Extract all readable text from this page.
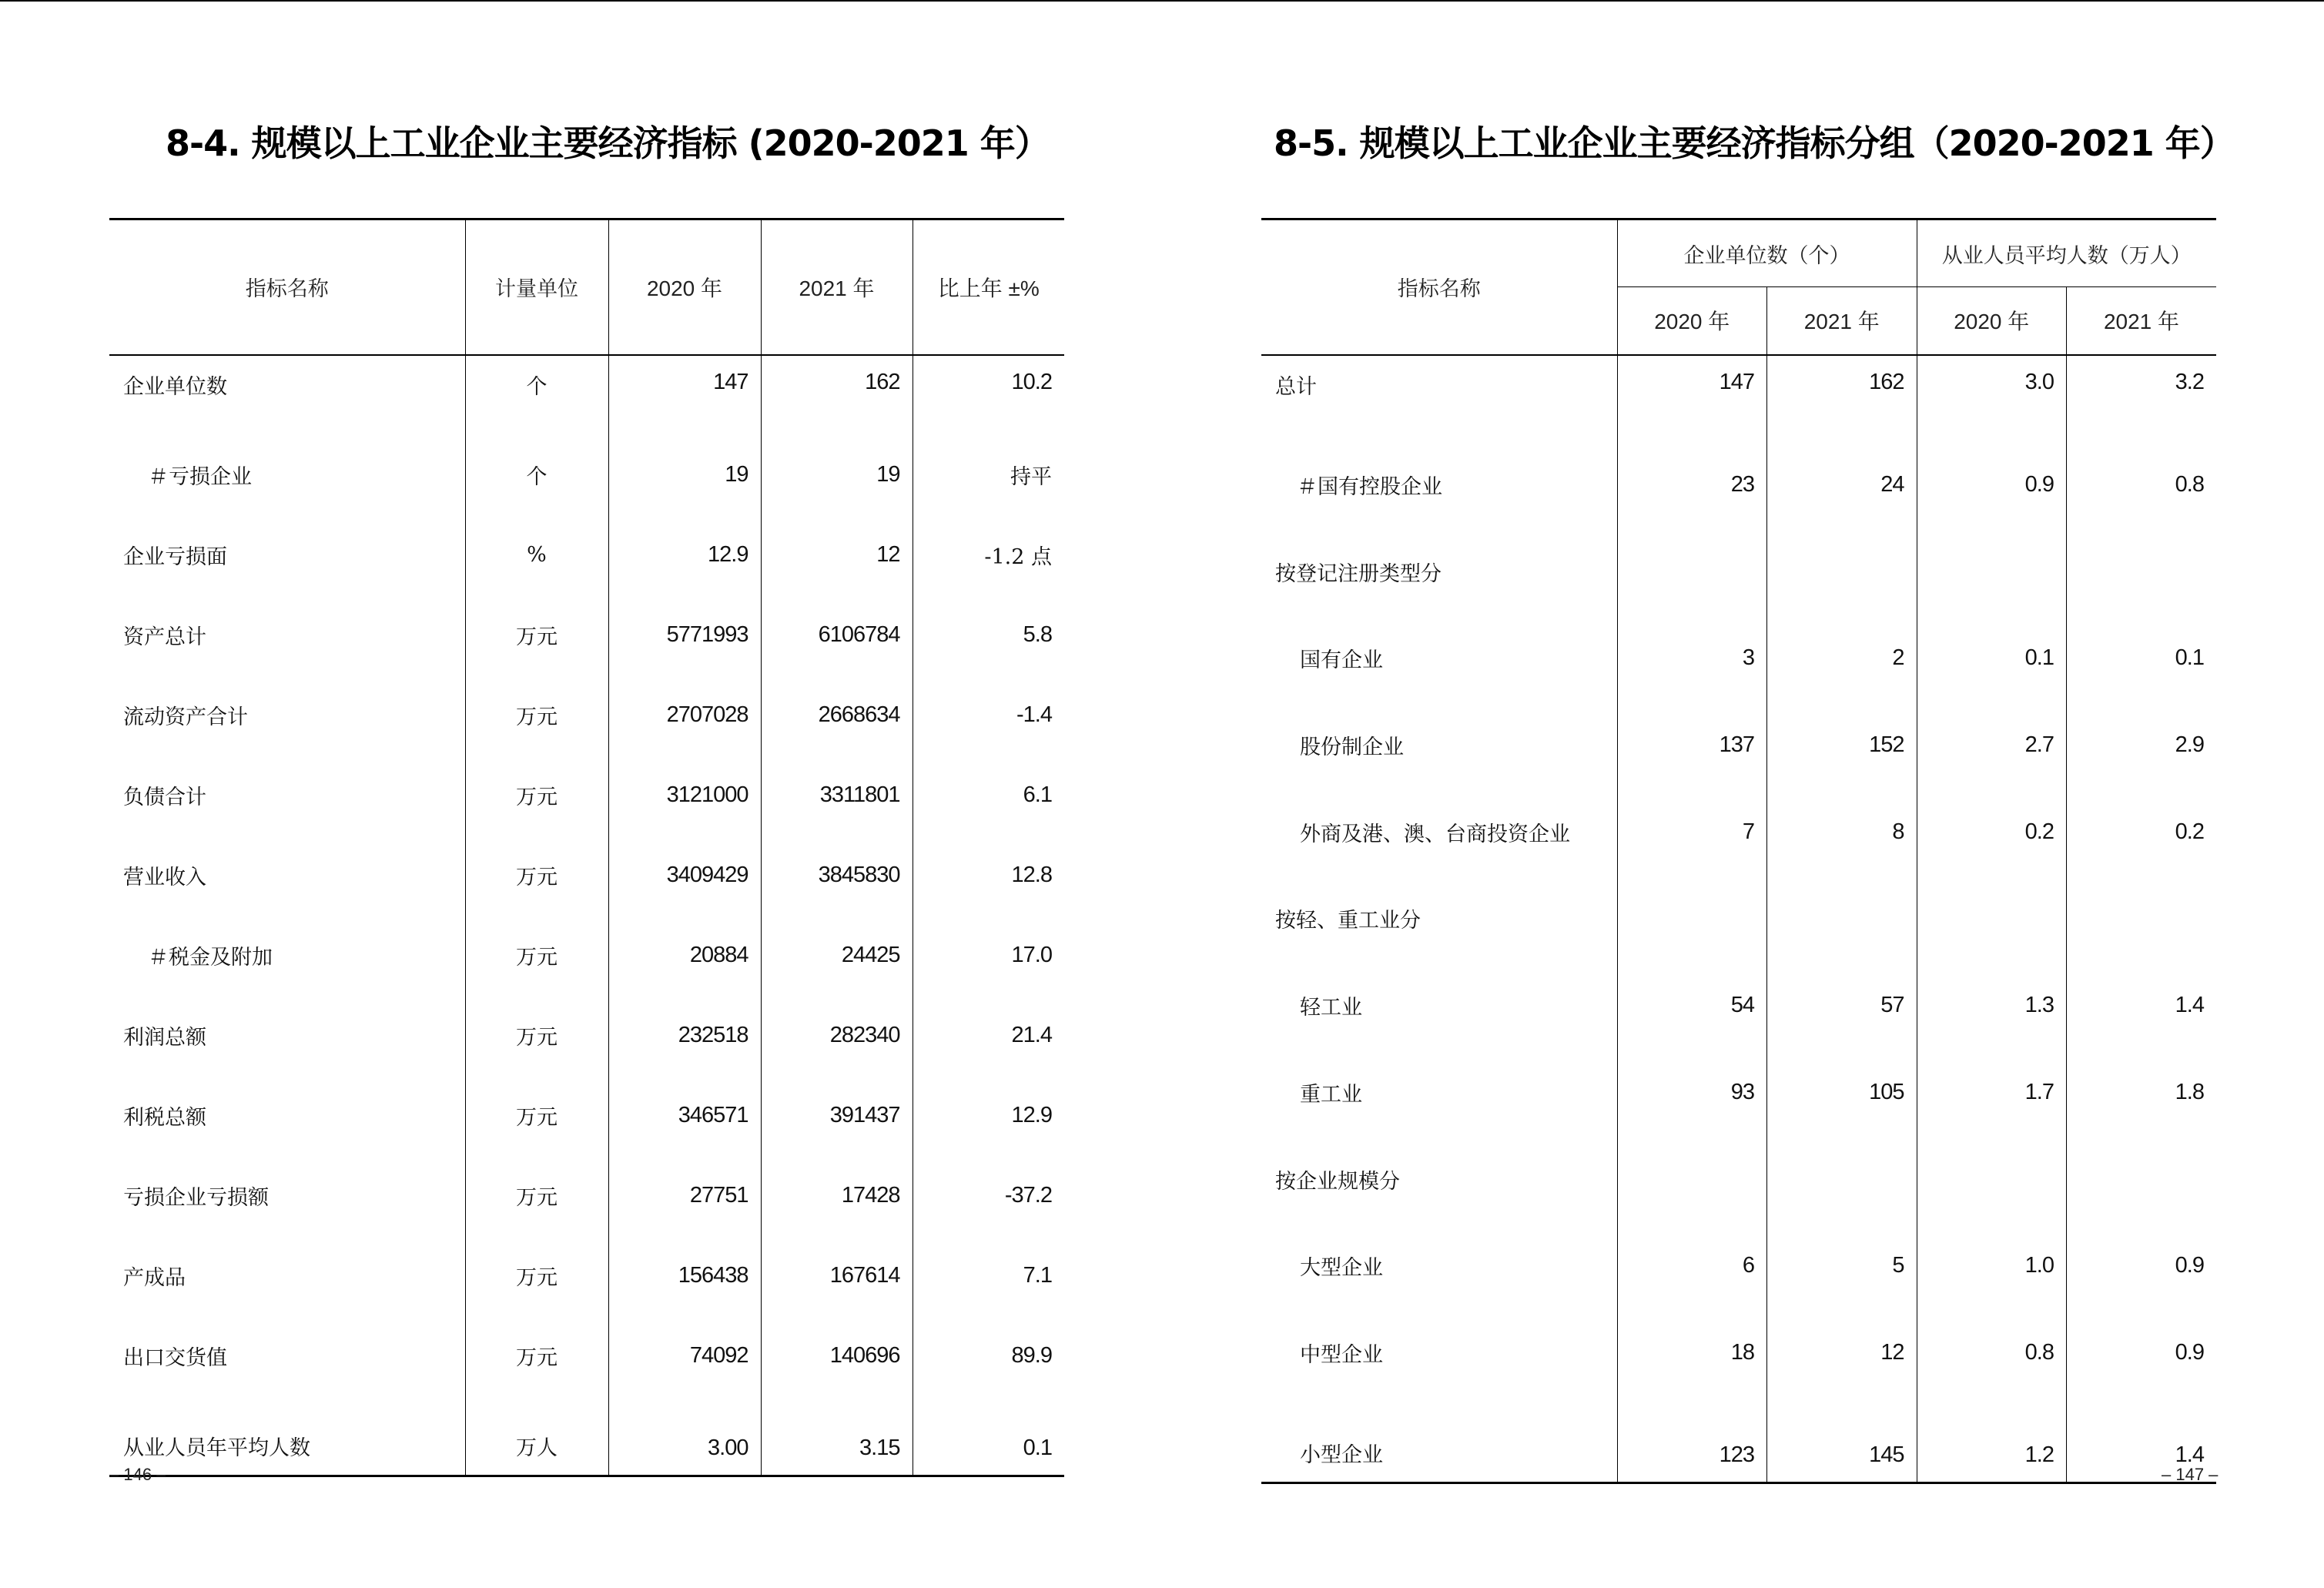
8-4. 规模以上工业企业主要经济指标 (2020-2021 年）
指标名称	计量单位	2020 年	2021 年	比上年 ±%
企业单位数	个	147	162	10.2
＃亏损企业	个	19	19	持平
企业亏损面	%	12.9	12	-1.2 点
资产总计	万元	5771993	6106784	5.8
流动资产合计	万元	2707028	2668634	-1.4
负债合计	万元	3121000	3311801	6.1
营业收入	万元	3409429	3845830	12.8
＃税金及附加	万元	20884	24425	17.0
利润总额	万元	232518	282340	21.4
利税总额	万元	346571	391437	12.9
亏损企业亏损额	万元	27751	17428	-37.2
产成品	万元	156438	167614	7.1
出口交货值	万元	74092	140696	89.9
从业人员年平均人数	万人	3.00	3.15	0.1
– 146 –
8-5. 规模以上工业企业主要经济指标分组（2020-2021 年）
指标名称	企业单位数（个）		从业人员平均人数（万人）	
	2020 年	2021 年	2020 年	2021 年
总计	147	162	3.0	3.2
＃国有控股企业	23	24	0.9	0.8
按登记注册类型分				
国有企业	3	2	0.1	0.1
股份制企业	137	152	2.7	2.9
外商及港、澳、台商投资企业	7	8	0.2	0.2
按轻、重工业分				
轻工业	54	57	1.3	1.4
重工业	93	105	1.7	1.8
按企业规模分				
大型企业	6	5	1.0	0.9
中型企业	18	12	0.8	0.9
小型企业	123	145	1.2	1.4
– 147 –
